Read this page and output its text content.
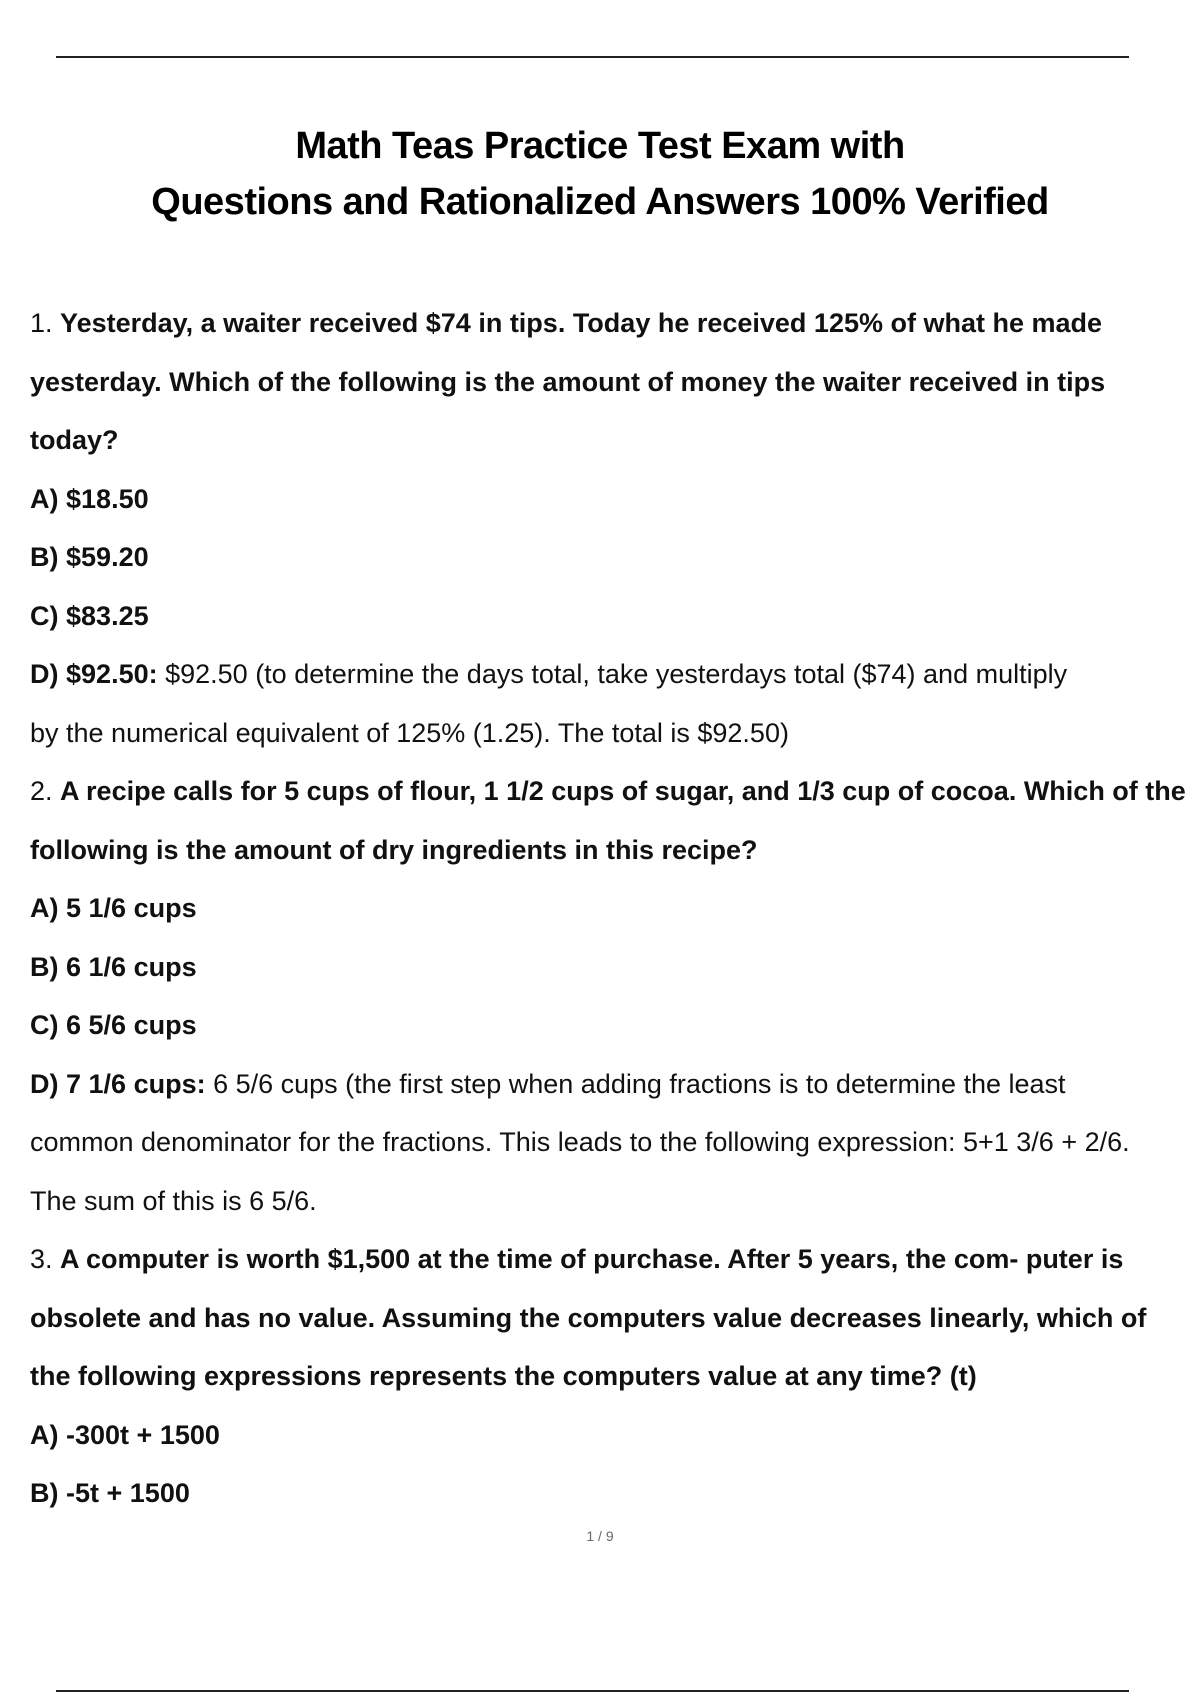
Math Teas Practice Test Exam with
Questions and Rationalized Answers 100% Verified

1. Yesterday, a waiter received $74 in tips. Today he received 125% of what he made

yesterday. Which of the following is the amount of money the waiter received in tips

today?

A) $18.50

B) $59.20

C) $83.25

D) $92.50: $92.50 (to determine the days total, take yesterdays total ($74) and multiply

by the numerical equivalent of 125% (1.25). The total is $92.50)

2. A recipe calls for 5 cups of flour, 1 1/2 cups of sugar, and 1/3 cup of cocoa. Which of the

following is the amount of dry ingredients in this recipe?

A) 5 1/6 cups

B) 6 1/6 cups

C) 6 5/6 cups

D) 7 1/6 cups: 6 5/6 cups (the first step when adding fractions is to determine the least

common denominator for the fractions. This leads to the following expression: 5+1 3/6 + 2/6.

The sum of this is 6 5/6.

3. A computer is worth $1,500 at the time of purchase. After 5 years, the com- puter is

obsolete and has no value. Assuming the computers value decreases linearly, which of

the following expressions represents the computers value at any time? (t)

A) -300t + 1500

B) -5t + 1500

1 / 9
